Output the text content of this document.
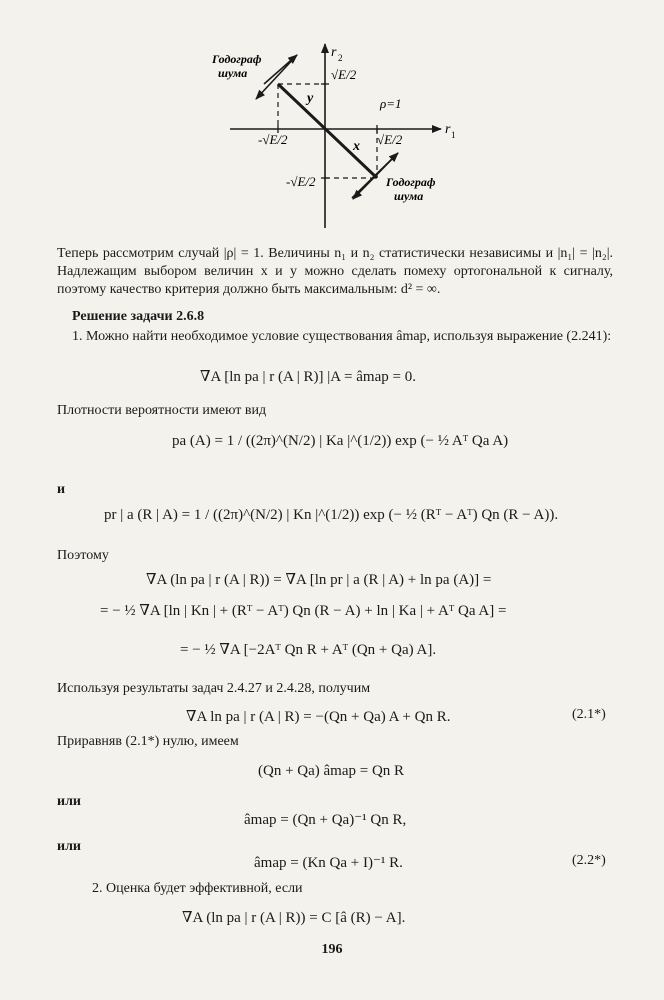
Годограф
шума
Годограф
шума
r 2
r 1
√E/2
-√E/2
√E/2
-√E/2
y
x
ρ=1
Теперь рассмотрим случай |ρ| = 1. Величины n₁ и n₂ статистически независимы и |n₁| = |n₂|. Надлежащим выбором величин x и y можно сделать помеху ортогональной к сигналу, поэтому качество критерия должно быть максимальным: d² = ∞.
Решение задачи 2.6.8
1. Можно найти необходимое условие существования âmap, используя выражение (2.241):
∇A [ln pa | r (A | R)] |A = âmap = 0.
Плотности вероятности имеют вид
pa (A) = 1 / ((2π)^(N/2) | Ka |^(1/2)) exp (− ½ Aᵀ Qa A)
и
pr | a (R | A) = 1 / ((2π)^(N/2) | Kn |^(1/2)) exp (− ½ (Rᵀ − Aᵀ) Qn (R − A)).
Поэтому
∇A (ln pa | r (A | R)) = ∇A [ln pr | a (R | A) + ln pa (A)] =
= − ½ ∇A [ln | Kn | + (Rᵀ − Aᵀ) Qn (R − A) + ln | Ka | + Aᵀ Qa A] =
= − ½ ∇A [−2Aᵀ Qn R + Aᵀ (Qn + Qa) A].
Используя результаты задач 2.4.27 и 2.4.28, получим
∇A ln pa | r (A | R) = −(Qn + Qa) A + Qn R.	(2.1*)
Приравняв (2.1*) нулю, имеем
(Qn + Qa) âmap = Qn R
или
âmap = (Qn + Qa)⁻¹ Qn R,
или
âmap = (Kn Qa + I)⁻¹ R.	(2.2*)
2. Оценка будет эффективной, если
∇A (ln pa | r (A | R)) = C [â (R) − A].
196
